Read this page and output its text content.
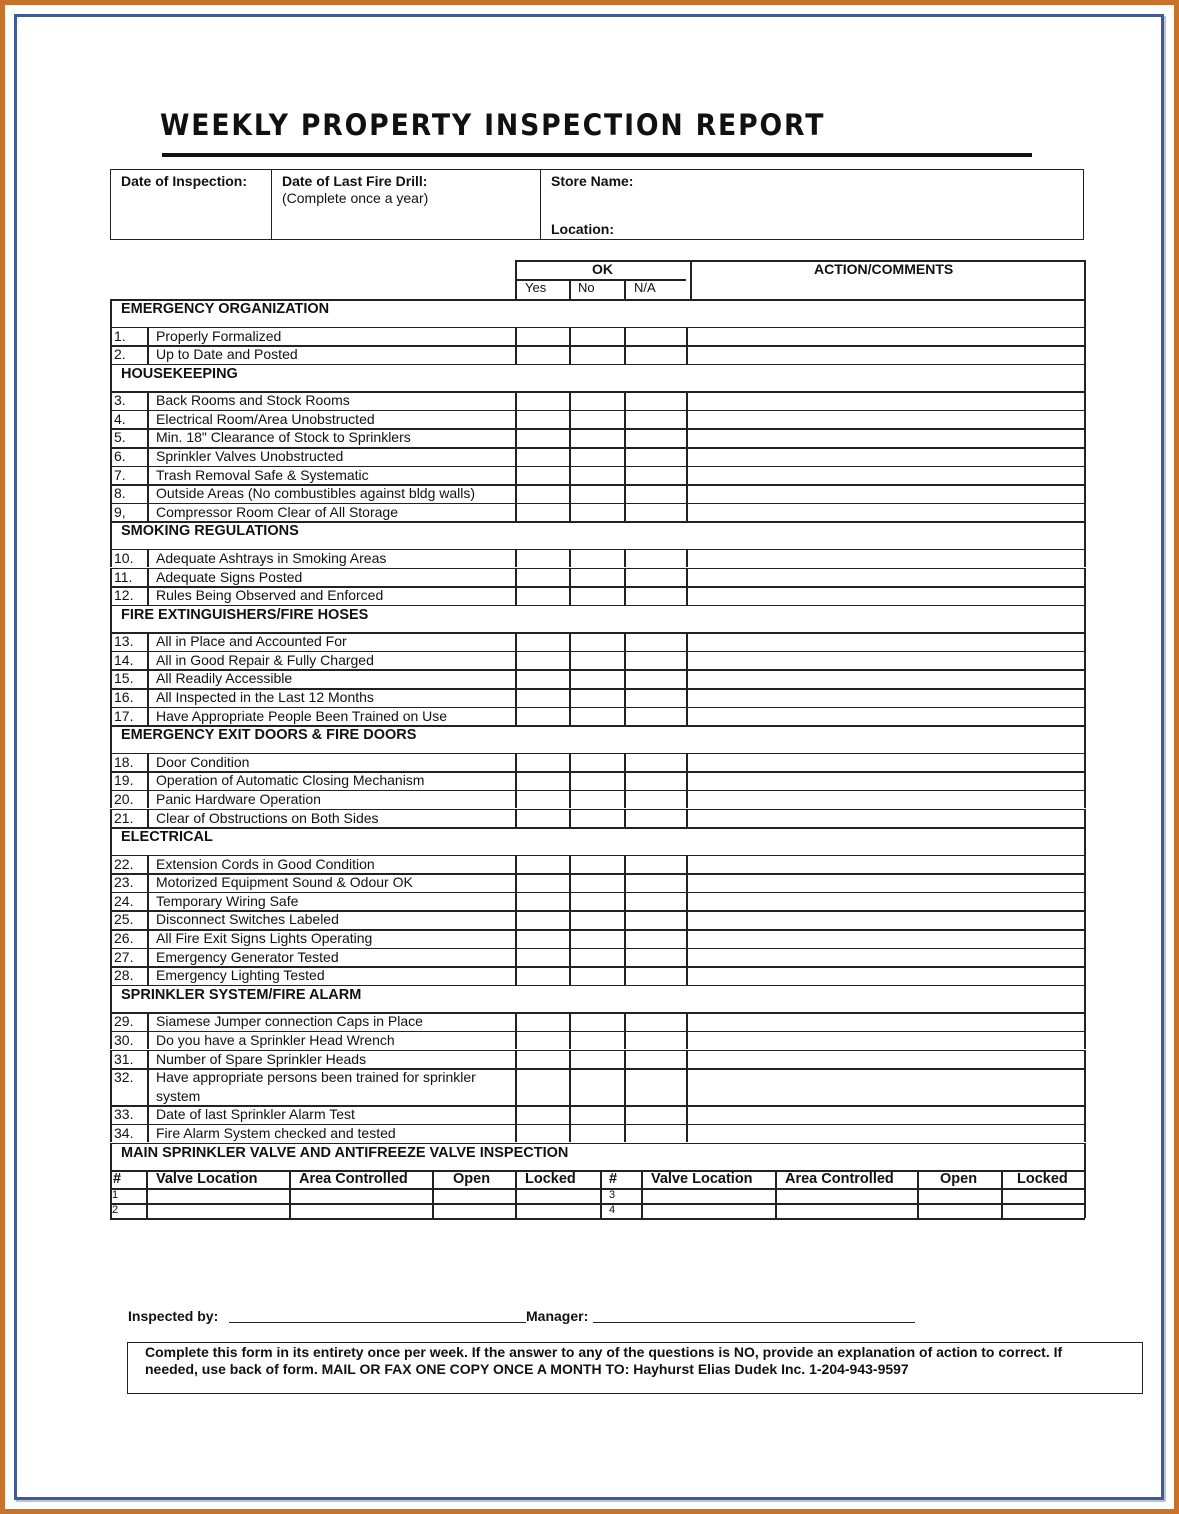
WEEKLY PROPERTY INSPECTION REPORT
Date of Inspection:	Date of Last Fire Drill:
(Complete once a year)
Store Name:
Location:
OK
Yes No	N/A
ACTION/COMMENTS
EMERGENCY ORGANIZATION
1. Properly Formalized
2. Up to Date and Posted
HOUSEKEEPING
3. Back Rooms and Stock Rooms
4. Electrical Room/Area Unobstructed
5. Min. 18" Clearance of Stock to Sprinklers
6. Sprinkler Valves Unobstructed
7. Trash Removal Safe & Systematic
8. Outside Areas (No combustibles against bldg walls)
9, Compressor Room Clear of All Storage
SMOKING REGULATIONS
10. Adequate Ashtrays in Smoking Areas
11. Adequate Signs Posted
12. Rules Being Observed and Enforced
FIRE EXTINGUISHERS/FIRE HOSES
13. All in Place and Accounted For
14. All in Good Repair & Fully Charged
15. All Readily Accessible
16. All Inspected in the Last 12 Months
17. Have Appropriate People Been Trained on Use
EMERGENCY EXIT DOORS & FIRE DOORS
18. Door Condition
19. Operation of Automatic Closing Mechanism
20. Panic Hardware Operation
21. Clear of Obstructions on Both Sides
ELECTRICAL
22. Extension Cords in Good Condition
23. Motorized Equipment Sound & Odour OK
24. Temporary Wiring Safe
25. Disconnect Switches Labeled
26. All Fire Exit Signs Lights Operating
27. Emergency Generator Tested
28. Emergency Lighting Tested
SPRINKLER SYSTEM/FIRE ALARM
29. Siamese Jumper connection Caps in Place
30. Do you have a Sprinkler Head Wrench
31. Number of Spare Sprinkler Heads
32. Have appropriate persons been trained for sprinkler
system
33. Date of last Sprinkler Alarm Test
34. Fire Alarm System checked and tested
MAIN SPRINKLER VALVE AND ANTIFREEZE VALVE INSPECTION
# Valve Location	Area Controlled	Open Locked # Valve Location Area Controlled	Open	Locked
1	3
2	4
Inspected by:	Manager:
Complete this form in its entirety once per week. If the answer to any of the questions is NO, provide an explanation of action to correct. If
needed, use back of form. MAIL OR FAX ONE COPY ONCE A MONTH TO: Hayhurst Elias Dudek Inc. 1-204-943-9597
